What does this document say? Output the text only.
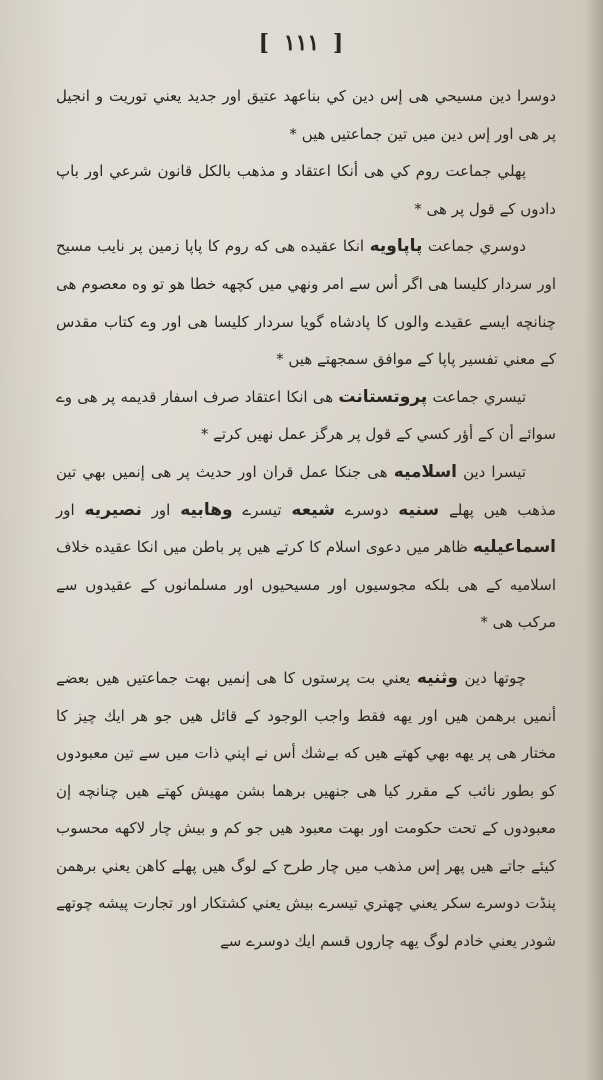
[ ١١١ ]

دوسرا دين مسيحي هى إس دين كي بناعهد عتيق اور جديد يعني توريت و انجيل پر هى اور إس دين ميں تين جماعتيں هيں *

پهلي جماعت روم كي هى أنكا اعتقاد و مذهب بالكل قانون شرعي اور باپ دادوں كے قول پر هى *

دوسري جماعت پاپاويه انكا عقيده هى كه روم كا پاپا زمين پر نايب مسيح اور سردار كليسا هى اگر أس سے امر ونهي ميں كچهه خطا هو تو وه معصوم هى چنانچه ايسے عقيدے والوں كا پادشاه گويا سردار كليسا هى اور وے كتاب مقدس كے معني تفسير پاپا كے موافق سمجهتے هيں *

تيسري جماعت پروتستانت هى انكا اعتقاد صرف اسفار قديمه پر هى وے سوائے أن كے أؤر كسي كے قول پر هرگز عمل نهيں كرتے *

تيسرا دين اسلاميه هى جنكا عمل قران اور حديث پر هى إنميں بهي تين مذهب هيں پهلے سنيه دوسرے شيعه تيسرے وهابيه اور نصيريه اور اسماعيليه ظاهر ميں دعوى اسلام كا كرتے هيں پر باطن ميں انكا عقيده خلاف اسلاميه كے هى بلكه مجوسيوں اور مسيحيوں اور مسلمانوں كے عقيدوں سے مركب هى *

چوتها دين وثنيه يعني بت پرستوں كا هى إنميں بهت جماعتيں هيں بعضے أنميں برهمن هيں اور يهه فقط واجب الوجود كے قائل هيں جو هر ايك چيز كا مختار هى پر يهه بهي كهتے هيں كه بےشك أس نے اپني ذات ميں سے تين معبودوں كو بطور نائب كے مقرر كيا هى جنهيں برهما بشن مهيش كهتے هيں چنانچه إن معبودوں كے تحت حكومت اور بهت معبود هيں جو كم و بيش چار لاكهه محسوب كيئے جاتے هيں پهر إس مذهب ميں چار طرح كے لوگ هيں پهلے كاهن يعني برهمن پنڈت دوسرے سكر يعني چهتري تيسرے بيش يعني كشتكار اور تجارت پيشه چوتهے شودر يعني خادم لوگ يهه چاروں قسم ايك دوسرے سے
